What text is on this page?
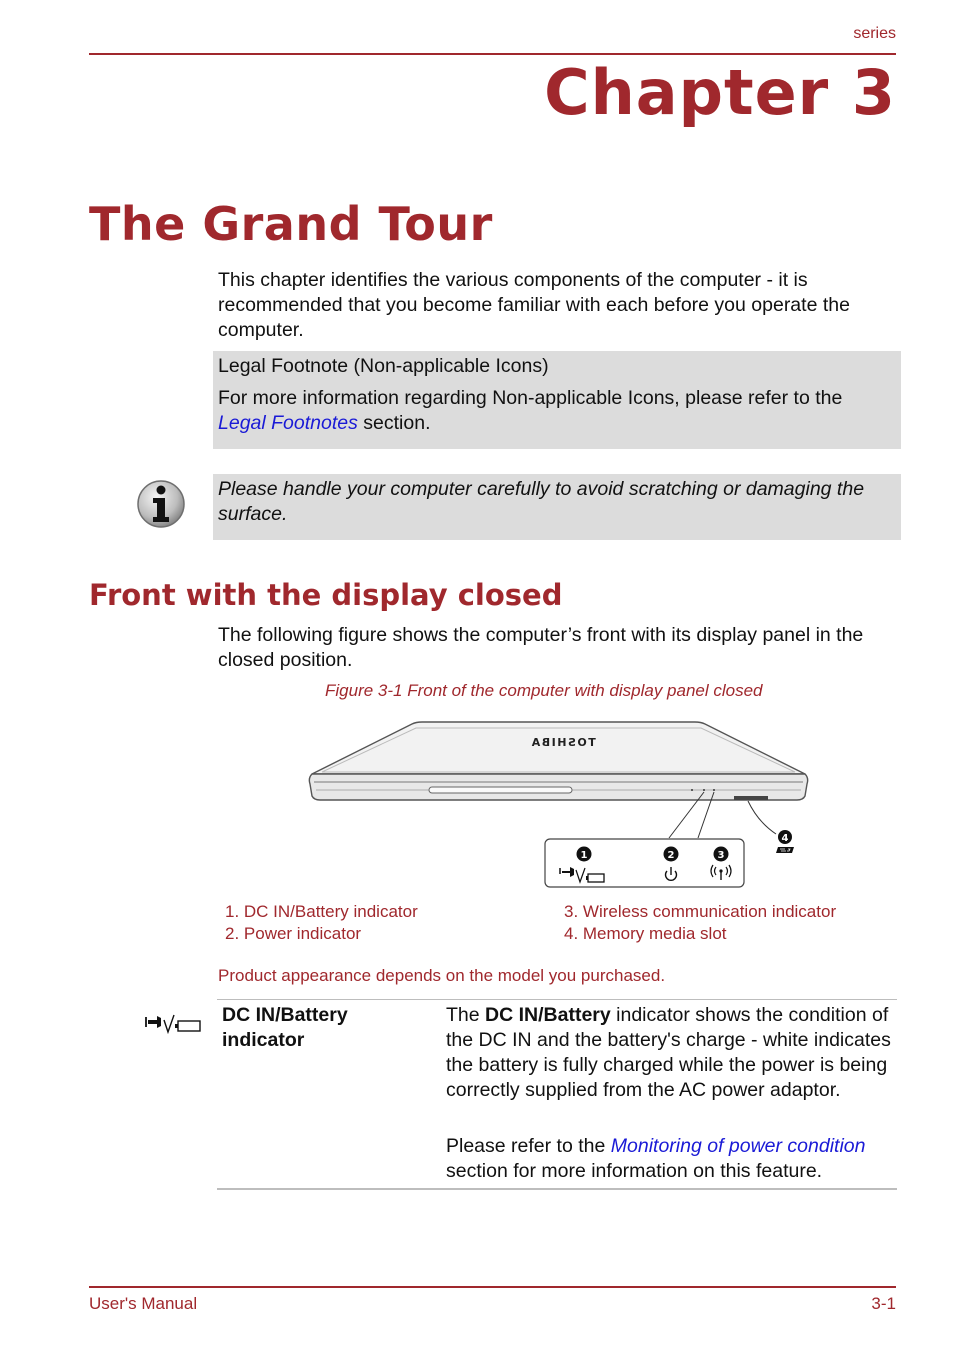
series
Chapter 3
The Grand Tour
This chapter identifies the various components of the computer - it is recommended that you become familiar with each before you operate the computer.
Legal Footnote (Non-applicable Icons)
For more information regarding Non-applicable Icons, please refer to the
Legal Footnotes section.
Please handle your computer carefully to avoid scratching or damaging the surface.
Front with the display closed
The following figure shows the computer’s front with its display panel in the closed position.
Figure 3-1 Front of the computer with display panel closed
TOSHIBA
1	2	3
4
1. DC IN/Battery indicator
2. Power indicator
3. Wireless communication indicator
4. Memory media slot
Product appearance depends on the model you purchased.
DC IN/Battery
indicator
The DC IN/Battery indicator shows the condition of the DC IN and the battery's charge - white indicates the battery is fully charged while the power is being correctly supplied from the AC power adaptor.
Please refer to the Monitoring of power condition section for more information on this feature.
User's Manual	3-1
